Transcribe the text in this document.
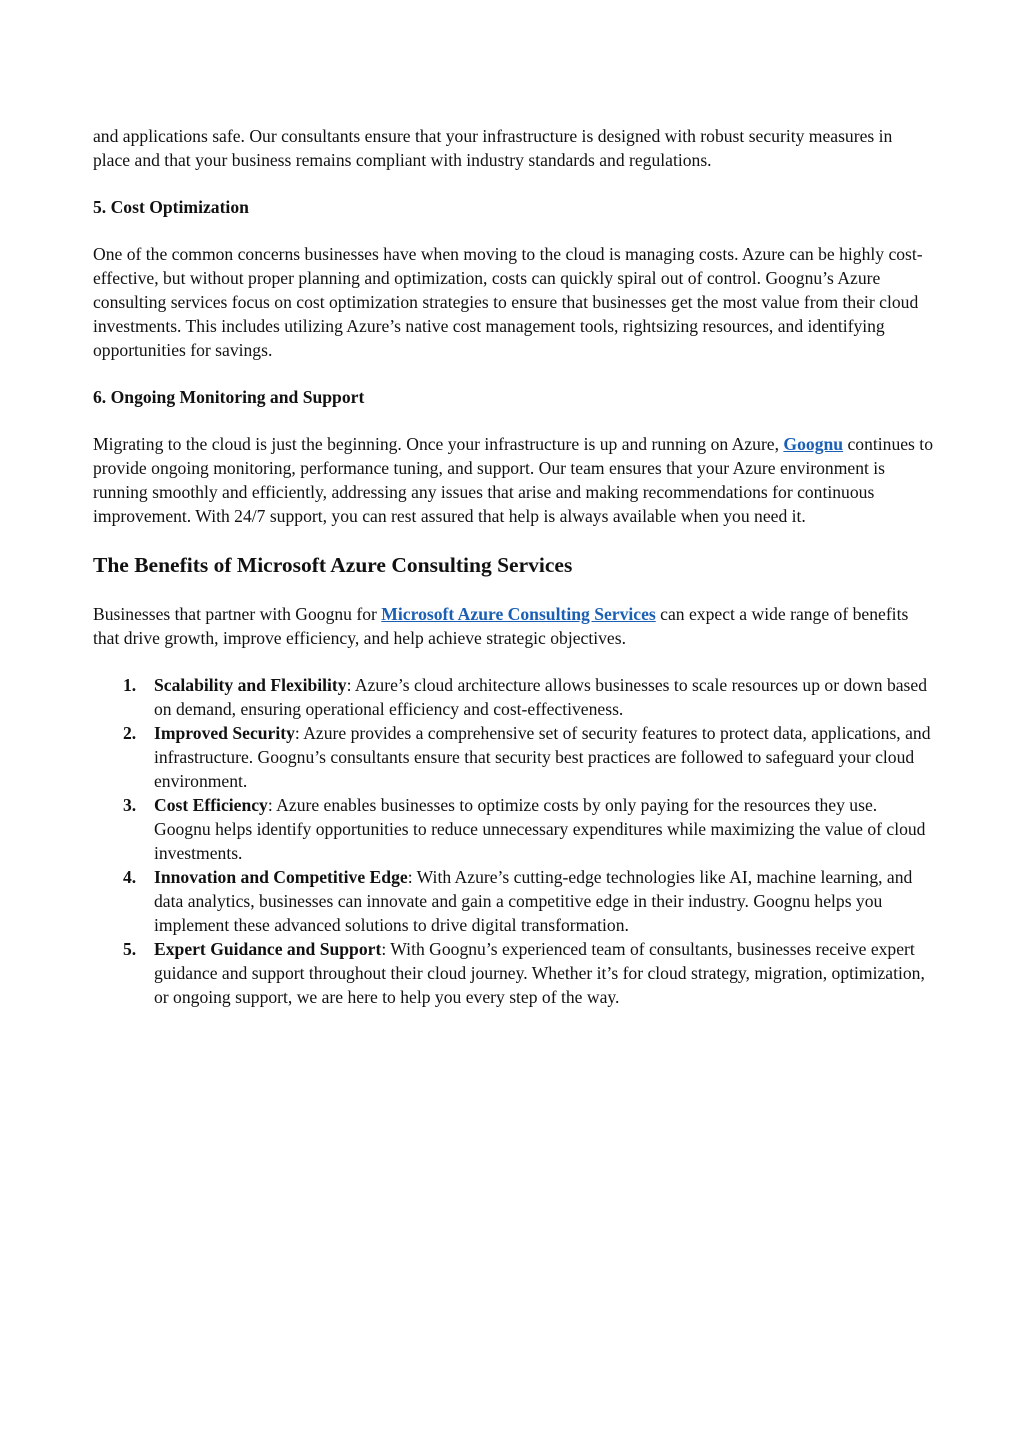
and applications safe. Our consultants ensure that your infrastructure is designed with robust security measures in place and that your business remains compliant with industry standards and regulations.

5. Cost Optimization

One of the common concerns businesses have when moving to the cloud is managing costs. Azure can be highly cost-effective, but without proper planning and optimization, costs can quickly spiral out of control. Goognu’s Azure consulting services focus on cost optimization strategies to ensure that businesses get the most value from their cloud investments. This includes utilizing Azure’s native cost management tools, rightsizing resources, and identifying opportunities for savings.

6. Ongoing Monitoring and Support

Migrating to the cloud is just the beginning. Once your infrastructure is up and running on Azure, Goognu continues to provide ongoing monitoring, performance tuning, and support. Our team ensures that your Azure environment is running smoothly and efficiently, addressing any issues that arise and making recommendations for continuous improvement. With 24/7 support, you can rest assured that help is always available when you need it.

The Benefits of Microsoft Azure Consulting Services

Businesses that partner with Goognu for Microsoft Azure Consulting Services can expect a wide range of benefits that drive growth, improve efficiency, and help achieve strategic objectives.

1. Scalability and Flexibility: Azure’s cloud architecture allows businesses to scale resources up or down based on demand, ensuring operational efficiency and cost-effectiveness.
2. Improved Security: Azure provides a comprehensive set of security features to protect data, applications, and infrastructure. Goognu’s consultants ensure that security best practices are followed to safeguard your cloud environment.
3. Cost Efficiency: Azure enables businesses to optimize costs by only paying for the resources they use. Goognu helps identify opportunities to reduce unnecessary expenditures while maximizing the value of cloud investments.
4. Innovation and Competitive Edge: With Azure’s cutting-edge technologies like AI, machine learning, and data analytics, businesses can innovate and gain a competitive edge in their industry. Goognu helps you implement these advanced solutions to drive digital transformation.
5. Expert Guidance and Support: With Goognu’s experienced team of consultants, businesses receive expert guidance and support throughout their cloud journey. Whether it’s for cloud strategy, migration, optimization, or ongoing support, we are here to help you every step of the way.
